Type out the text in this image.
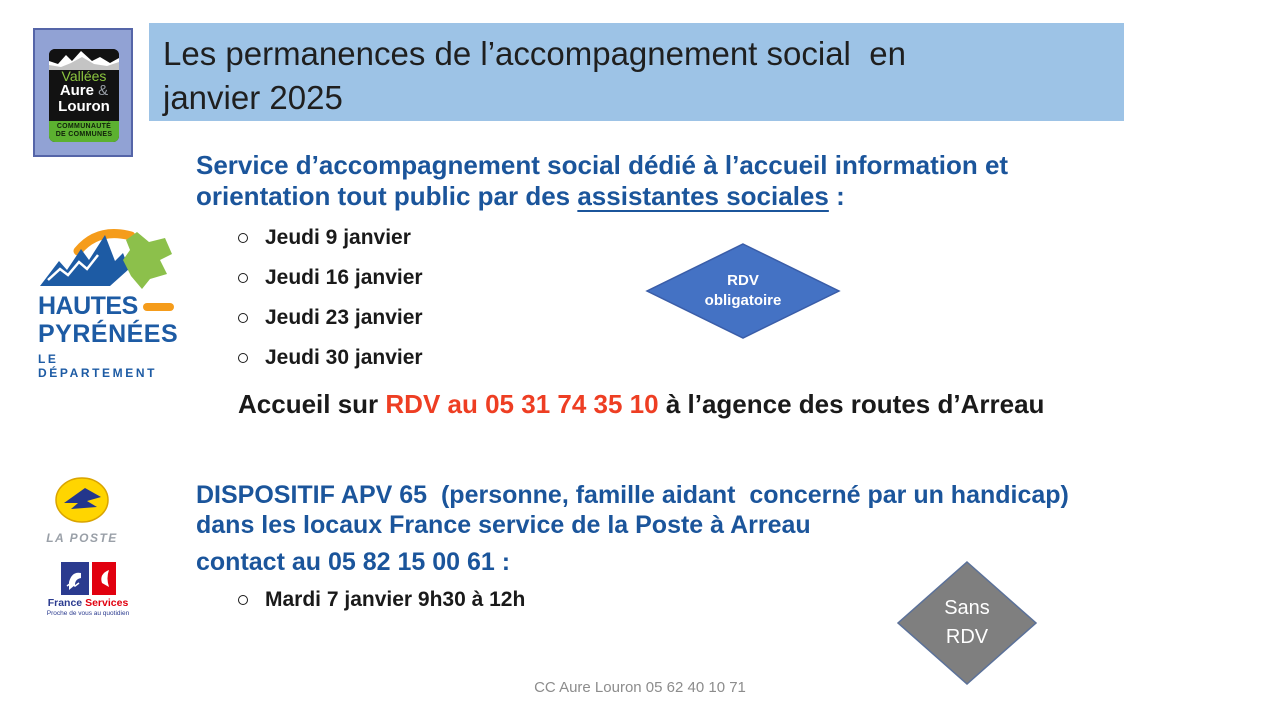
Vallées
Aure &
Louron
COMMUNAUTÉ
DE COMMUNES
Les permanences de l’accompagnement social  en
janvier 2025
Service d’accompagnement social dédié à l’accueil information et
orientation tout public par des assistantes sociales :
Jeudi 9 janvier
Jeudi 16 janvier
Jeudi 23 janvier
Jeudi 30 janvier
RDV
obligatoire
HAUTES
PYRÉNÉES
LE DÉPARTEMENT
Accueil sur RDV au 05 31 74 35 10 à l’agence des routes d’Arreau
LA POSTE
France Services
Proche de vous au quotidien
DISPOSITIF APV 65  (personne, famille aidant  concerné par un handicap)
dans les locaux France service de la Poste à Arreau
contact au 05 82 15 00 61 :
Mardi 7 janvier 9h30 à 12h	Sans
RDV
CC Aure Louron 05 62 40 10 71
